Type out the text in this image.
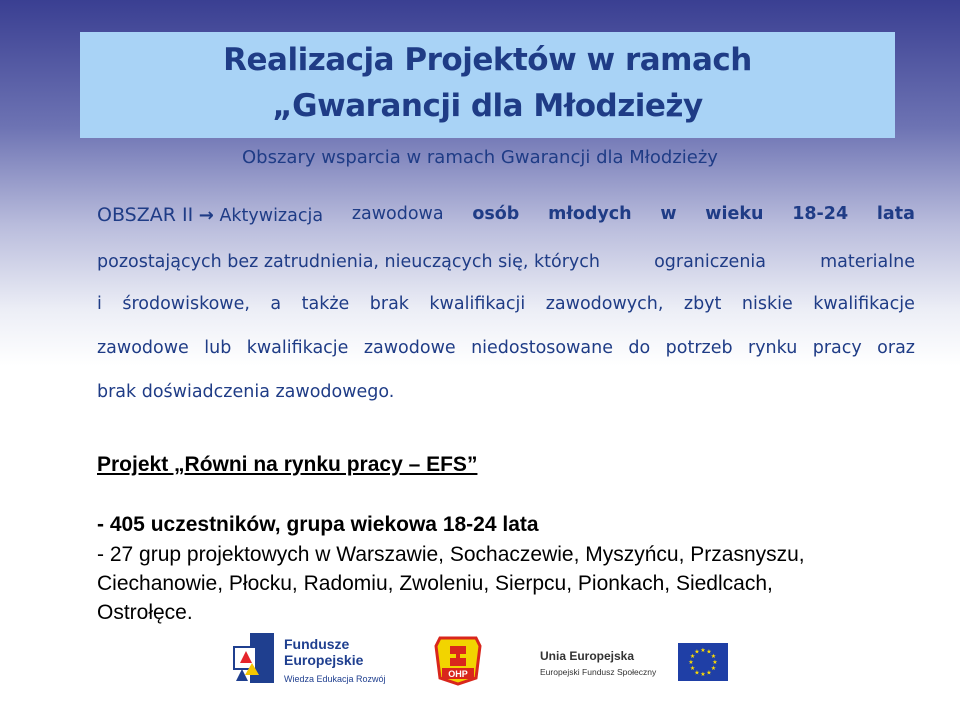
Realizacja Projektów w ramach
„Gwarancji dla Młodzieży
Obszary wsparcia w ramach Gwarancji dla Młodzieży
OBSZAR II → Aktywizacja zawodowa osób młodych w wieku 18-24 lata
pozostających bez zatrudnienia, nieuczących się, których	ograniczenia	materialne
i środowiskowe, a także brak kwalifikacji zawodowych, zbyt niskie kwalifikacje
zawodowe lub kwalifikacje zawodowe niedostosowane do potrzeb rynku pracy oraz
brak doświadczenia zawodowego.
Projekt „Równi na rynku pracy – EFS”
- 405 uczestników, grupa wiekowa 18-24 lata
- 27 grup projektowych w Warszawie, Sochaczewie, Myszyńcu, Przasnyszu,
Ciechanowie, Płocku, Radomiu, Zwoleniu, Sierpcu, Pionkach, Siedlcach,
Ostrołęce.
Fundusze
Europejskie
Wiedza Edukacja Rozwój	OHP
Unia Europejska
Europejski Fundusz Społeczny
★ ★
★
★
★
★
★
★
★
★
★
★
